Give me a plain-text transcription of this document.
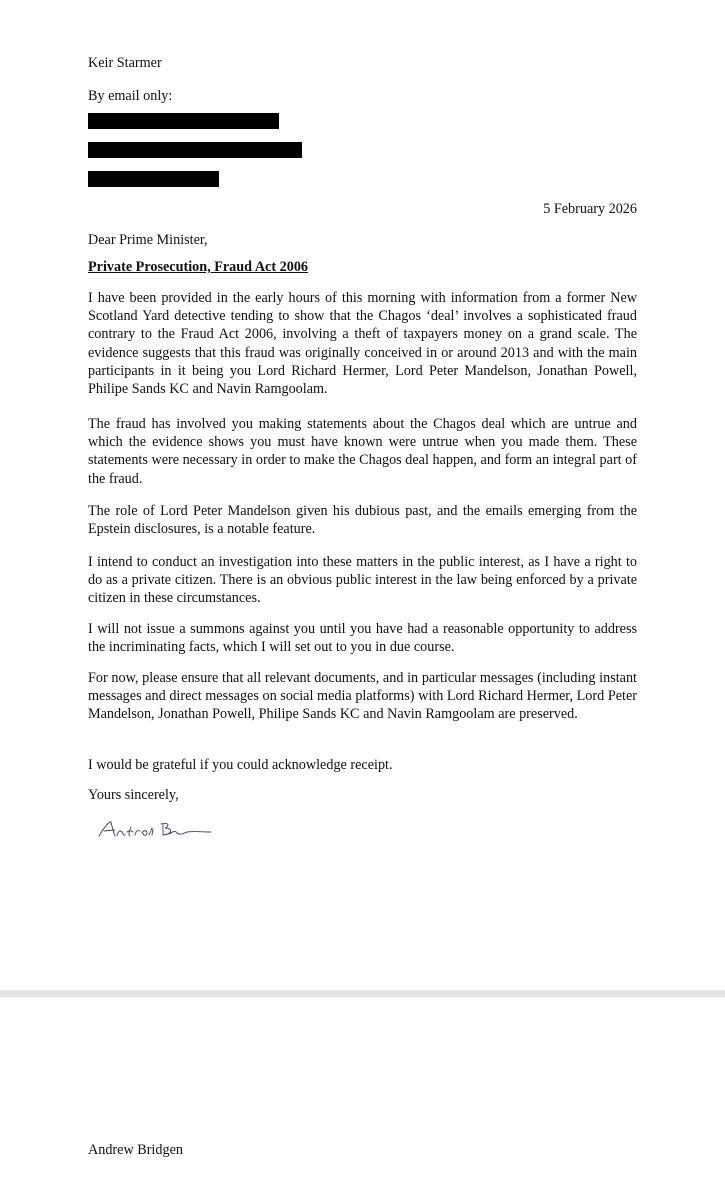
Keir Starmer
By email only:
5 February 2026
Dear Prime Minister,
Private Prosecution, Fraud Act 2006

I have been provided in the early hours of this morning with information from a former New Scotland Yard detective tending to show that the Chagos ‘deal’ involves a sophisticated fraud contrary to the Fraud Act 2006, involving a theft of taxpayers money on a grand scale. The evidence suggests that this fraud was originally conceived in or around 2013 and with the main participants in it being you Lord Richard Hermer, Lord Peter Mandelson, Jonathan Powell, Philipe Sands KC and Navin Ramgoolam.

The fraud has involved you making statements about the Chagos deal which are untrue and which the evidence shows you must have known were untrue when you made them. These statements were necessary in order to make the Chagos deal happen, and form an integral part of the fraud.

The role of Lord Peter Mandelson given his dubious past, and the emails emerging from the Epstein disclosures, is a notable feature.

I intend to conduct an investigation into these matters in the public interest, as I have a right to do as a private citizen. There is an obvious public interest in the law being enforced by a private citizen in these circumstances.

I will not issue a summons against you until you have had a reasonable opportunity to address the incriminating facts, which I will set out to you in due course.

For now, please ensure that all relevant documents, and in particular messages (including instant messages and direct messages on social media platforms) with Lord Richard Hermer, Lord Peter Mandelson, Jonathan Powell, Philipe Sands KC and Navin Ramgoolam are preserved.

I would be grateful if you could acknowledge receipt.

Yours sincerely,
Andrew Bridgen
